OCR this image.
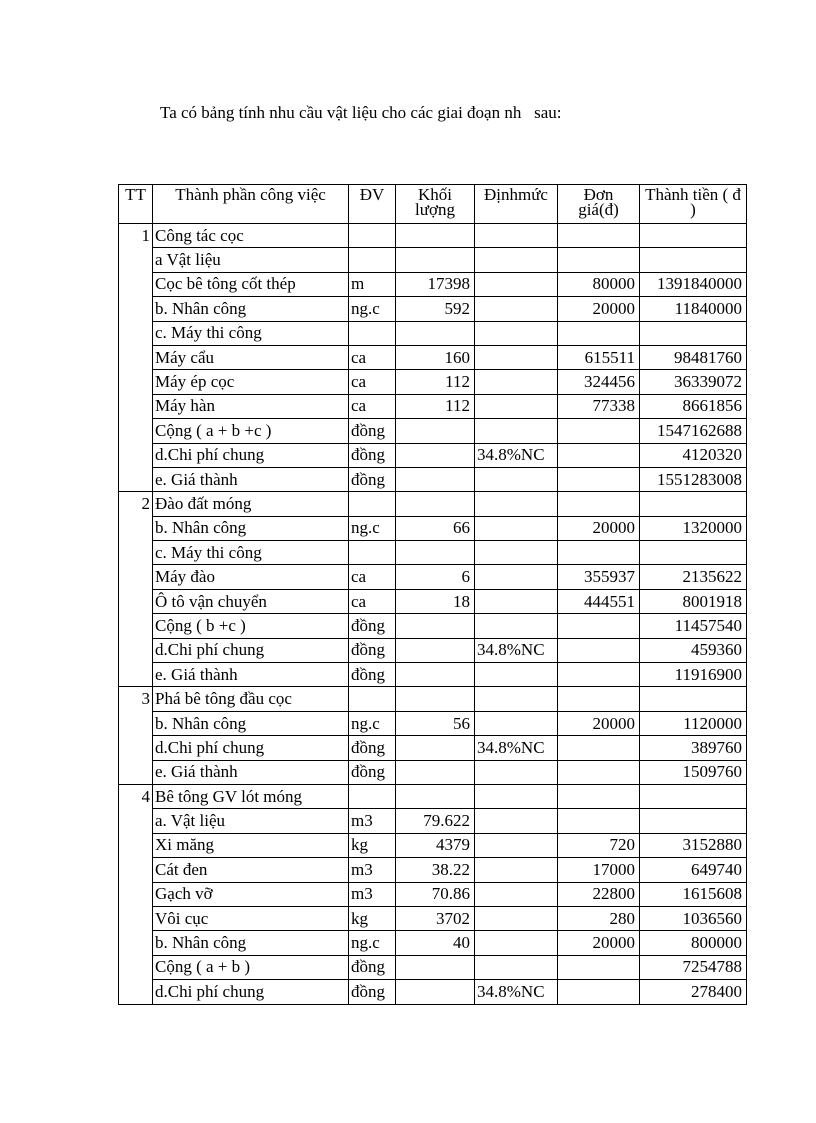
Ta có bảng tính nhu cầu vật liệu cho các giai đoạn nh   sau:
TT	Thành phần công việc	ĐV	Khối lượng	Địnhmức	Đơn giá(đ)	Thành tiền ( đ )
1	Công tác cọc					
	a Vật liệu					
	Cọc bê tông cốt thép	m	17398		80000	1391840000
	b. Nhân công	ng.c	592		20000	11840000
	c. Máy thi công					
	Máy cẩu	ca	160		615511	98481760
	Máy ép cọc	ca	112		324456	36339072
	Máy hàn	ca	112		77338	8661856
	Cộng ( a + b +c )	đồng				1547162688
	d.Chi phí chung	đồng		34.8%NC		4120320
	e. Giá thành	đồng				1551283008
2	Đào đất móng					
	b. Nhân công	ng.c	66		20000	1320000
	c. Máy thi công					
	Máy đào	ca	6		355937	2135622
	Ô tô vận chuyển	ca	18		444551	8001918
	Cộng ( b +c )	đồng				11457540
	d.Chi phí chung	đồng		34.8%NC		459360
	e. Giá thành	đồng				11916900
3	Phá bê tông đầu cọc					
	b. Nhân công	ng.c	56		20000	1120000
	d.Chi phí chung	đồng		34.8%NC		389760
	e. Giá thành	đồng				1509760
4	Bê tông GV lót móng					
	a. Vật liệu	m3	79.622			
	Xi măng	kg	4379		720	3152880
	Cát đen	m3	38.22		17000	649740
	Gạch vỡ	m3	70.86		22800	1615608
	Vôi cục	kg	3702		280	1036560
	b. Nhân công	ng.c	40		20000	800000
	Cộng ( a + b )	đồng				7254788
	d.Chi phí chung	đồng		34.8%NC		278400
